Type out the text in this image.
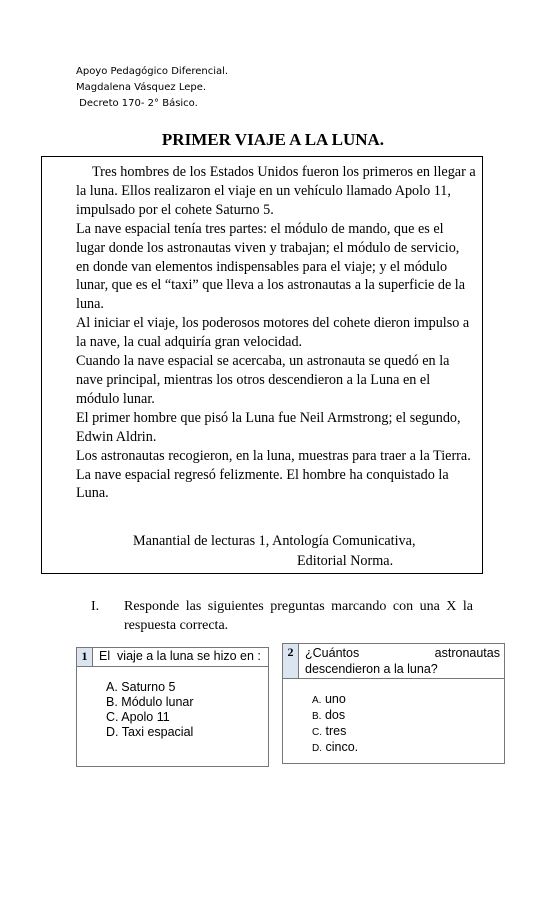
Apoyo Pedagógico Diferencial.
Magdalena Vásquez Lepe.
Decreto 170- 2° Básico.
PRIMER VIAJE A LA LUNA.

Tres hombres de los Estados Unidos fueron los primeros en llegar a la luna. Ellos realizaron el viaje en un vehículo llamado Apolo 11, impulsado por el cohete Saturno 5.

La nave espacial tenía tres partes: el módulo de mando, que es el lugar donde los astronautas viven y trabajan; el módulo de servicio, en donde van elementos indispensables para el viaje; y el módulo lunar, que es el “taxi” que lleva a los astronautas a la superficie de la luna.

Al iniciar el viaje, los poderosos motores del cohete dieron impulso a la nave, la cual adquiría gran velocidad.

Cuando la nave espacial se acercaba, un astronauta se quedó en la nave principal, mientras los otros descendieron a la Luna en el módulo lunar.

El primer hombre que pisó la Luna fue Neil Armstrong; el segundo, Edwin Aldrin.

Los astronautas recogieron, en la luna, muestras para traer a la Tierra. La nave espacial regresó felizmente. El hombre ha conquistado la Luna.

Manantial de lecturas 1, Antología Comunicativa,
Editorial Norma.
I. Responde las siguientes preguntas marcando con una X la respuesta correcta.
1 El  viaje a la luna se hizo en :
A. Saturno 5
B. Módulo lunar
C. Apolo 11
D. Taxi espacial
2 ¿Cuántos astronautas descendieron a la luna?
A. uno
B. dos
C. tres
D. cinco.
